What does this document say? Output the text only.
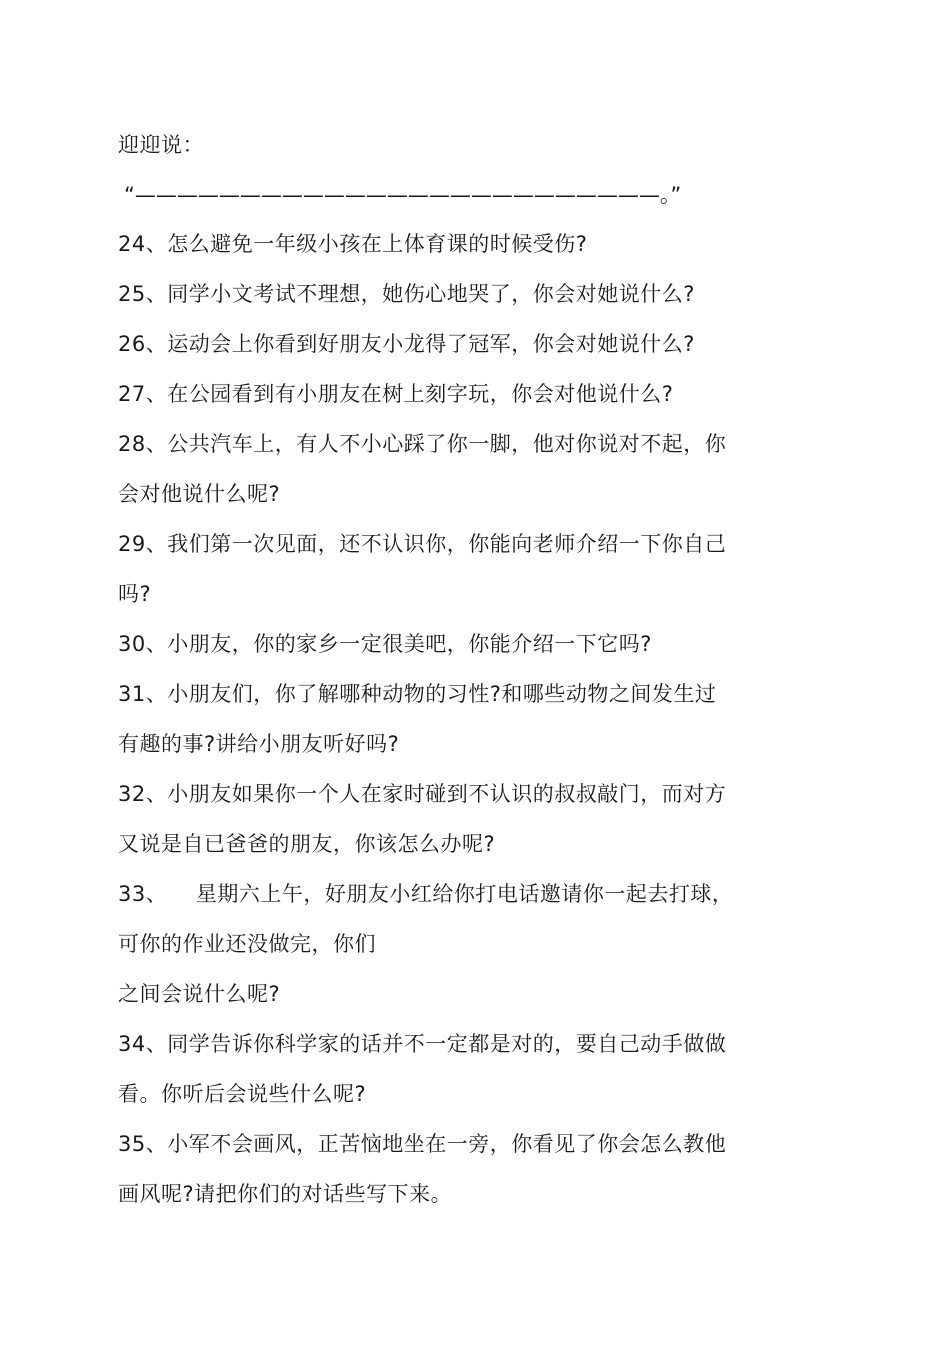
迎迎说：
“—————————————————————————。”
24、怎么避免一年级小孩在上体育课的时候受伤?
25、同学小文考试不理想，她伤心地哭了，你会对她说什么?
26、运动会上你看到好朋友小龙得了冠军，你会对她说什么?
27、在公园看到有小朋友在树上刻字玩，你会对他说什么?
28、公共汽车上，有人不小心踩了你一脚，他对你说对不起，你
会对他说什么呢?
29、我们第一次见面，还不认识你，你能向老师介绍一下你自己
吗?
30、小朋友，你的家乡一定很美吧，你能介绍一下它吗?
31、小朋友们，你了解哪种动物的习性?和哪些动物之间发生过
有趣的事?讲给小朋友听好吗?
32、小朋友如果你一个人在家时碰到不认识的叔叔敲门，而对方
又说是自已爸爸的朋友，你该怎么办呢?
33、    星期六上午，好朋友小红给你打电话邀请你一起去打球，
可你的作业还没做完，你们
之间会说什么呢?
34、同学告诉你科学家的话并不一定都是对的，要自己动手做做
看。你听后会说些什么呢?
35、小军不会画风，正苦恼地坐在一旁，你看见了你会怎么教他
画风呢?请把你们的对话些写下来。
